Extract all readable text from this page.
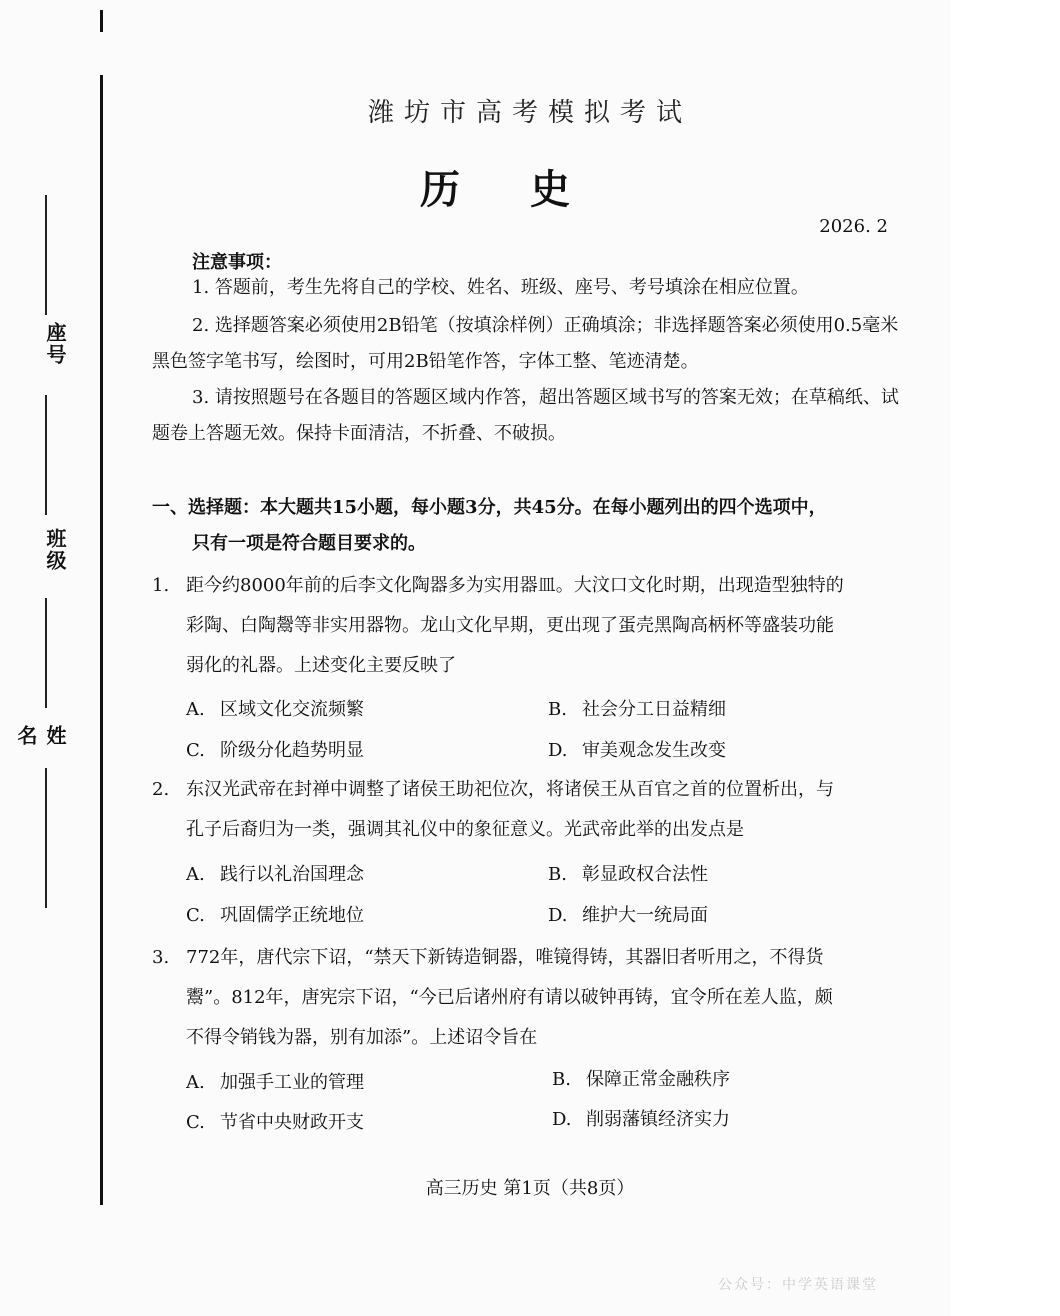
座号
班级
姓名
潍坊市高考模拟考试
历史
2026. 2
注意事项：
1. 答题前，考生先将自己的学校、姓名、班级、座号、考号填涂在相应位置。
2. 选择题答案必须使用2B铅笔（按填涂样例）正确填涂；非选择题答案必须使用0.5毫米黑色签字笔书写，绘图时，可用2B铅笔作答，字体工整、笔迹清楚。
3. 请按照题号在各题目的答题区域内作答，超出答题区域书写的答案无效；在草稿纸、试题卷上答题无效。保持卡面清洁，不折叠、不破损。
一、选择题：本大题共15小题，每小题3分，共45分。在每小题列出的四个选项中，
只有一项是符合题目要求的。
1. 距今约8000年前的后李文化陶器多为实用器皿。大汶口文化时期，出现造型独特的
彩陶、白陶鬶等非实用器物。龙山文化早期，更出现了蛋壳黑陶高柄杯等盛装功能
弱化的礼器。上述变化主要反映了
A. 区域文化交流频繁	B. 社会分工日益精细
C. 阶级分化趋势明显	D. 审美观念发生改变
2. 东汉光武帝在封禅中调整了诸侯王助祀位次，将诸侯王从百官之首的位置析出，与
孔子后裔归为一类，强调其礼仪中的象征意义。光武帝此举的出发点是
A. 践行以礼治国理念	B. 彰显政权合法性
C. 巩固儒学正统地位	D. 维护大一统局面
3. 772年，唐代宗下诏，“禁天下新铸造铜器，唯镜得铸，其器旧者听用之，不得货
鬻”。812年，唐宪宗下诏，“今已后诸州府有请以破钟再铸，宜令所在差人监，颇
不得令销钱为器，别有加添”。上述诏令旨在
A. 加强手工业的管理	B. 保障正常金融秩序
C. 节省中央财政开支	D. 削弱藩镇经济实力
高三历史 第1页（共8页）
公众号：中学英语课堂
